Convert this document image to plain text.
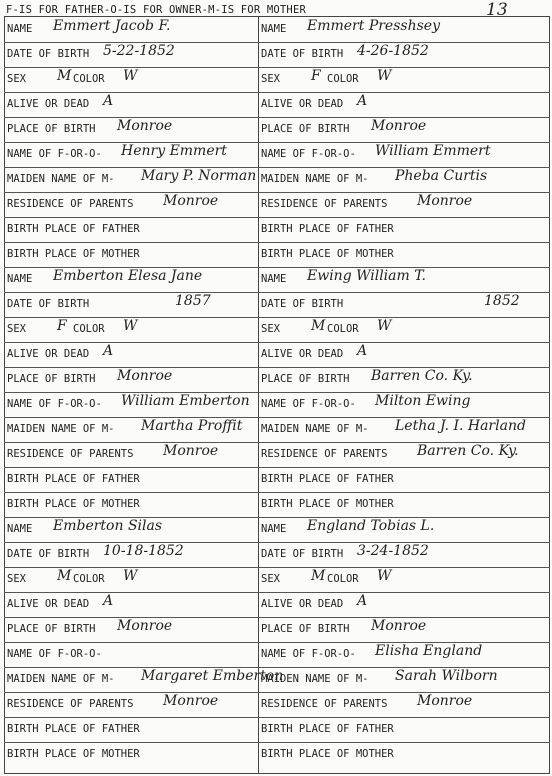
F-IS FOR FATHER-O-IS FOR OWNER-M-IS FOR MOTHER	13
NAME Emmert Jacob F.
DATE OF BIRTH 5-22-1852
SEX M COLOR W
ALIVE OR DEAD A
PLACE OF BIRTH Monroe
NAME OF F-OR-O- Henry Emmert
MAIDEN NAME OF M- Mary P. Norman
RESIDENCE OF PARENTS Monroe
BIRTH PLACE OF FATHER
BIRTH PLACE OF MOTHER
NAME Emberton Elesa Jane
DATE OF BIRTH	1857
SEX F COLOR W
ALIVE OR DEAD A
PLACE OF BIRTH Monroe
NAME OF F-OR-O- William Emberton
MAIDEN NAME OF M- Martha Proffit
RESIDENCE OF PARENTS Monroe
BIRTH PLACE OF FATHER
BIRTH PLACE OF MOTHER
NAME Emberton Silas
DATE OF BIRTH 10-18-1852
SEX M COLOR W
ALIVE OR DEAD A
PLACE OF BIRTH Monroe
NAME OF F-OR-O-
MAIDEN NAME OF M- Margaret Emberton
RESIDENCE OF PARENTS Monroe
BIRTH PLACE OF FATHER
BIRTH PLACE OF MOTHER
NAME Emmert Presshsey
DATE OF BIRTH 4-26-1852
SEX F COLOR W
ALIVE OR DEAD A
PLACE OF BIRTH Monroe
NAME OF F-OR-O- William Emmert
MAIDEN NAME OF M- Pheba Curtis
RESIDENCE OF PARENTS Monroe
BIRTH PLACE OF FATHER
BIRTH PLACE OF MOTHER
NAME Ewing William T.
DATE OF BIRTH	1852
SEX M COLOR W
ALIVE OR DEAD A
PLACE OF BIRTH Barren Co. Ky.
NAME OF F-OR-O- Milton Ewing
MAIDEN NAME OF M- Letha J. I. Harland
RESIDENCE OF PARENTS Barren Co. Ky.
BIRTH PLACE OF FATHER
BIRTH PLACE OF MOTHER
NAME England Tobias L.
DATE OF BIRTH 3-24-1852
SEX M COLOR W
ALIVE OR DEAD A
PLACE OF BIRTH Monroe
NAME OF F-OR-O- Elisha England
MAIDEN NAME OF M- Sarah Wilborn
RESIDENCE OF PARENTS Monroe
BIRTH PLACE OF FATHER
BIRTH PLACE OF MOTHER
